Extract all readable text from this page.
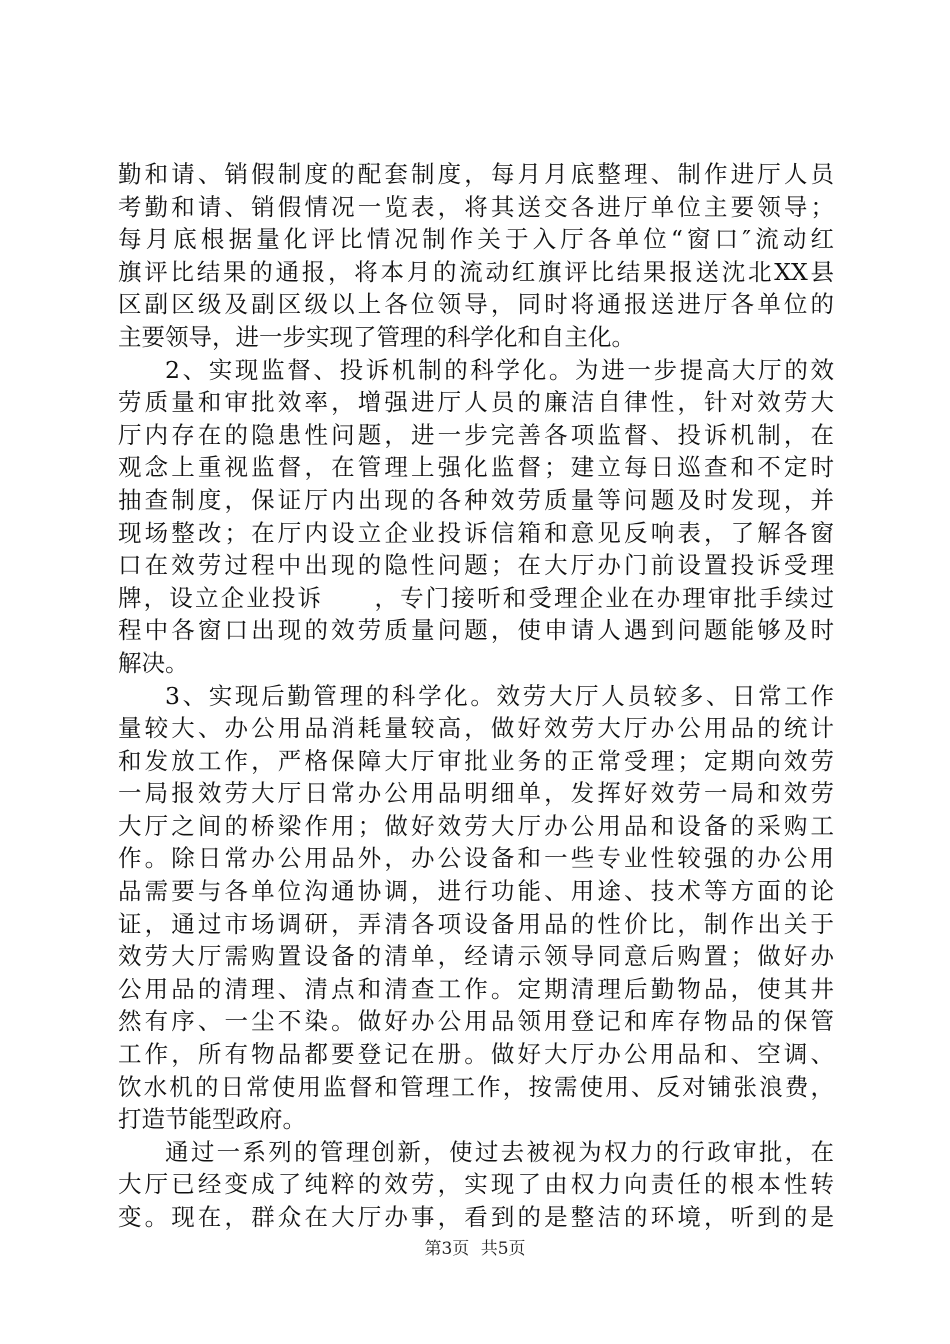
勤和请、销假制度的配套制度，每月月底整理、制作进厅人员
考勤和请、销假情况一览表，将其送交各进厅单位主要领导；
每月底根据量化评比情况制作关于入厅各单位“窗口″流动红
旗评比结果的通报，将本月的流动红旗评比结果报送沈北XX县
区副区级及副区级以上各位领导，同时将通报送进厅各单位的
主要领导，进一步实现了管理的科学化和自主化。
2、实现监督、投诉机制的科学化。为进一步提高大厅的效
劳质量和审批效率，增强进厅人员的廉洁自律性，针对效劳大
厅内存在的隐患性问题，进一步完善各项监督、投诉机制，在
观念上重视监督，在管理上强化监督；建立每日巡查和不定时
抽查制度，保证厅内出现的各种效劳质量等问题及时发现，并
现场整改；在厅内设立企业投诉信箱和意见反响表，了解各窗
口在效劳过程中出现的隐性问题；在大厅办门前设置投诉受理
牌，设立企业投诉　　，专门接听和受理企业在办理审批手续过
程中各窗口出现的效劳质量问题，使申请人遇到问题能够及时
解决。
3、实现后勤管理的科学化。效劳大厅人员较多、日常工作
量较大、办公用品消耗量较高，做好效劳大厅办公用品的统计
和发放工作，严格保障大厅审批业务的正常受理；定期向效劳
一局报效劳大厅日常办公用品明细单，发挥好效劳一局和效劳
大厅之间的桥梁作用；做好效劳大厅办公用品和设备的采购工
作。除日常办公用品外，办公设备和一些专业性较强的办公用
品需要与各单位沟通协调，进行功能、用途、技术等方面的论
证，通过市场调研，弄清各项设备用品的性价比，制作出关于
效劳大厅需购置设备的清单，经请示领导同意后购置；做好办
公用品的清理、清点和清查工作。定期清理后勤物品，使其井
然有序、一尘不染。做好办公用品领用登记和库存物品的保管
工作，所有物品都要登记在册。做好大厅办公用品和、空调、
饮水机的日常使用监督和管理工作，按需使用、反对铺张浪费，
打造节能型政府。
通过一系列的管理创新，使过去被视为权力的行政审批，在
大厅已经变成了纯粹的效劳，实现了由权力向责任的根本性转
变。现在，群众在大厅办事，看到的是整洁的环境，听到的是
第3页 共5页
